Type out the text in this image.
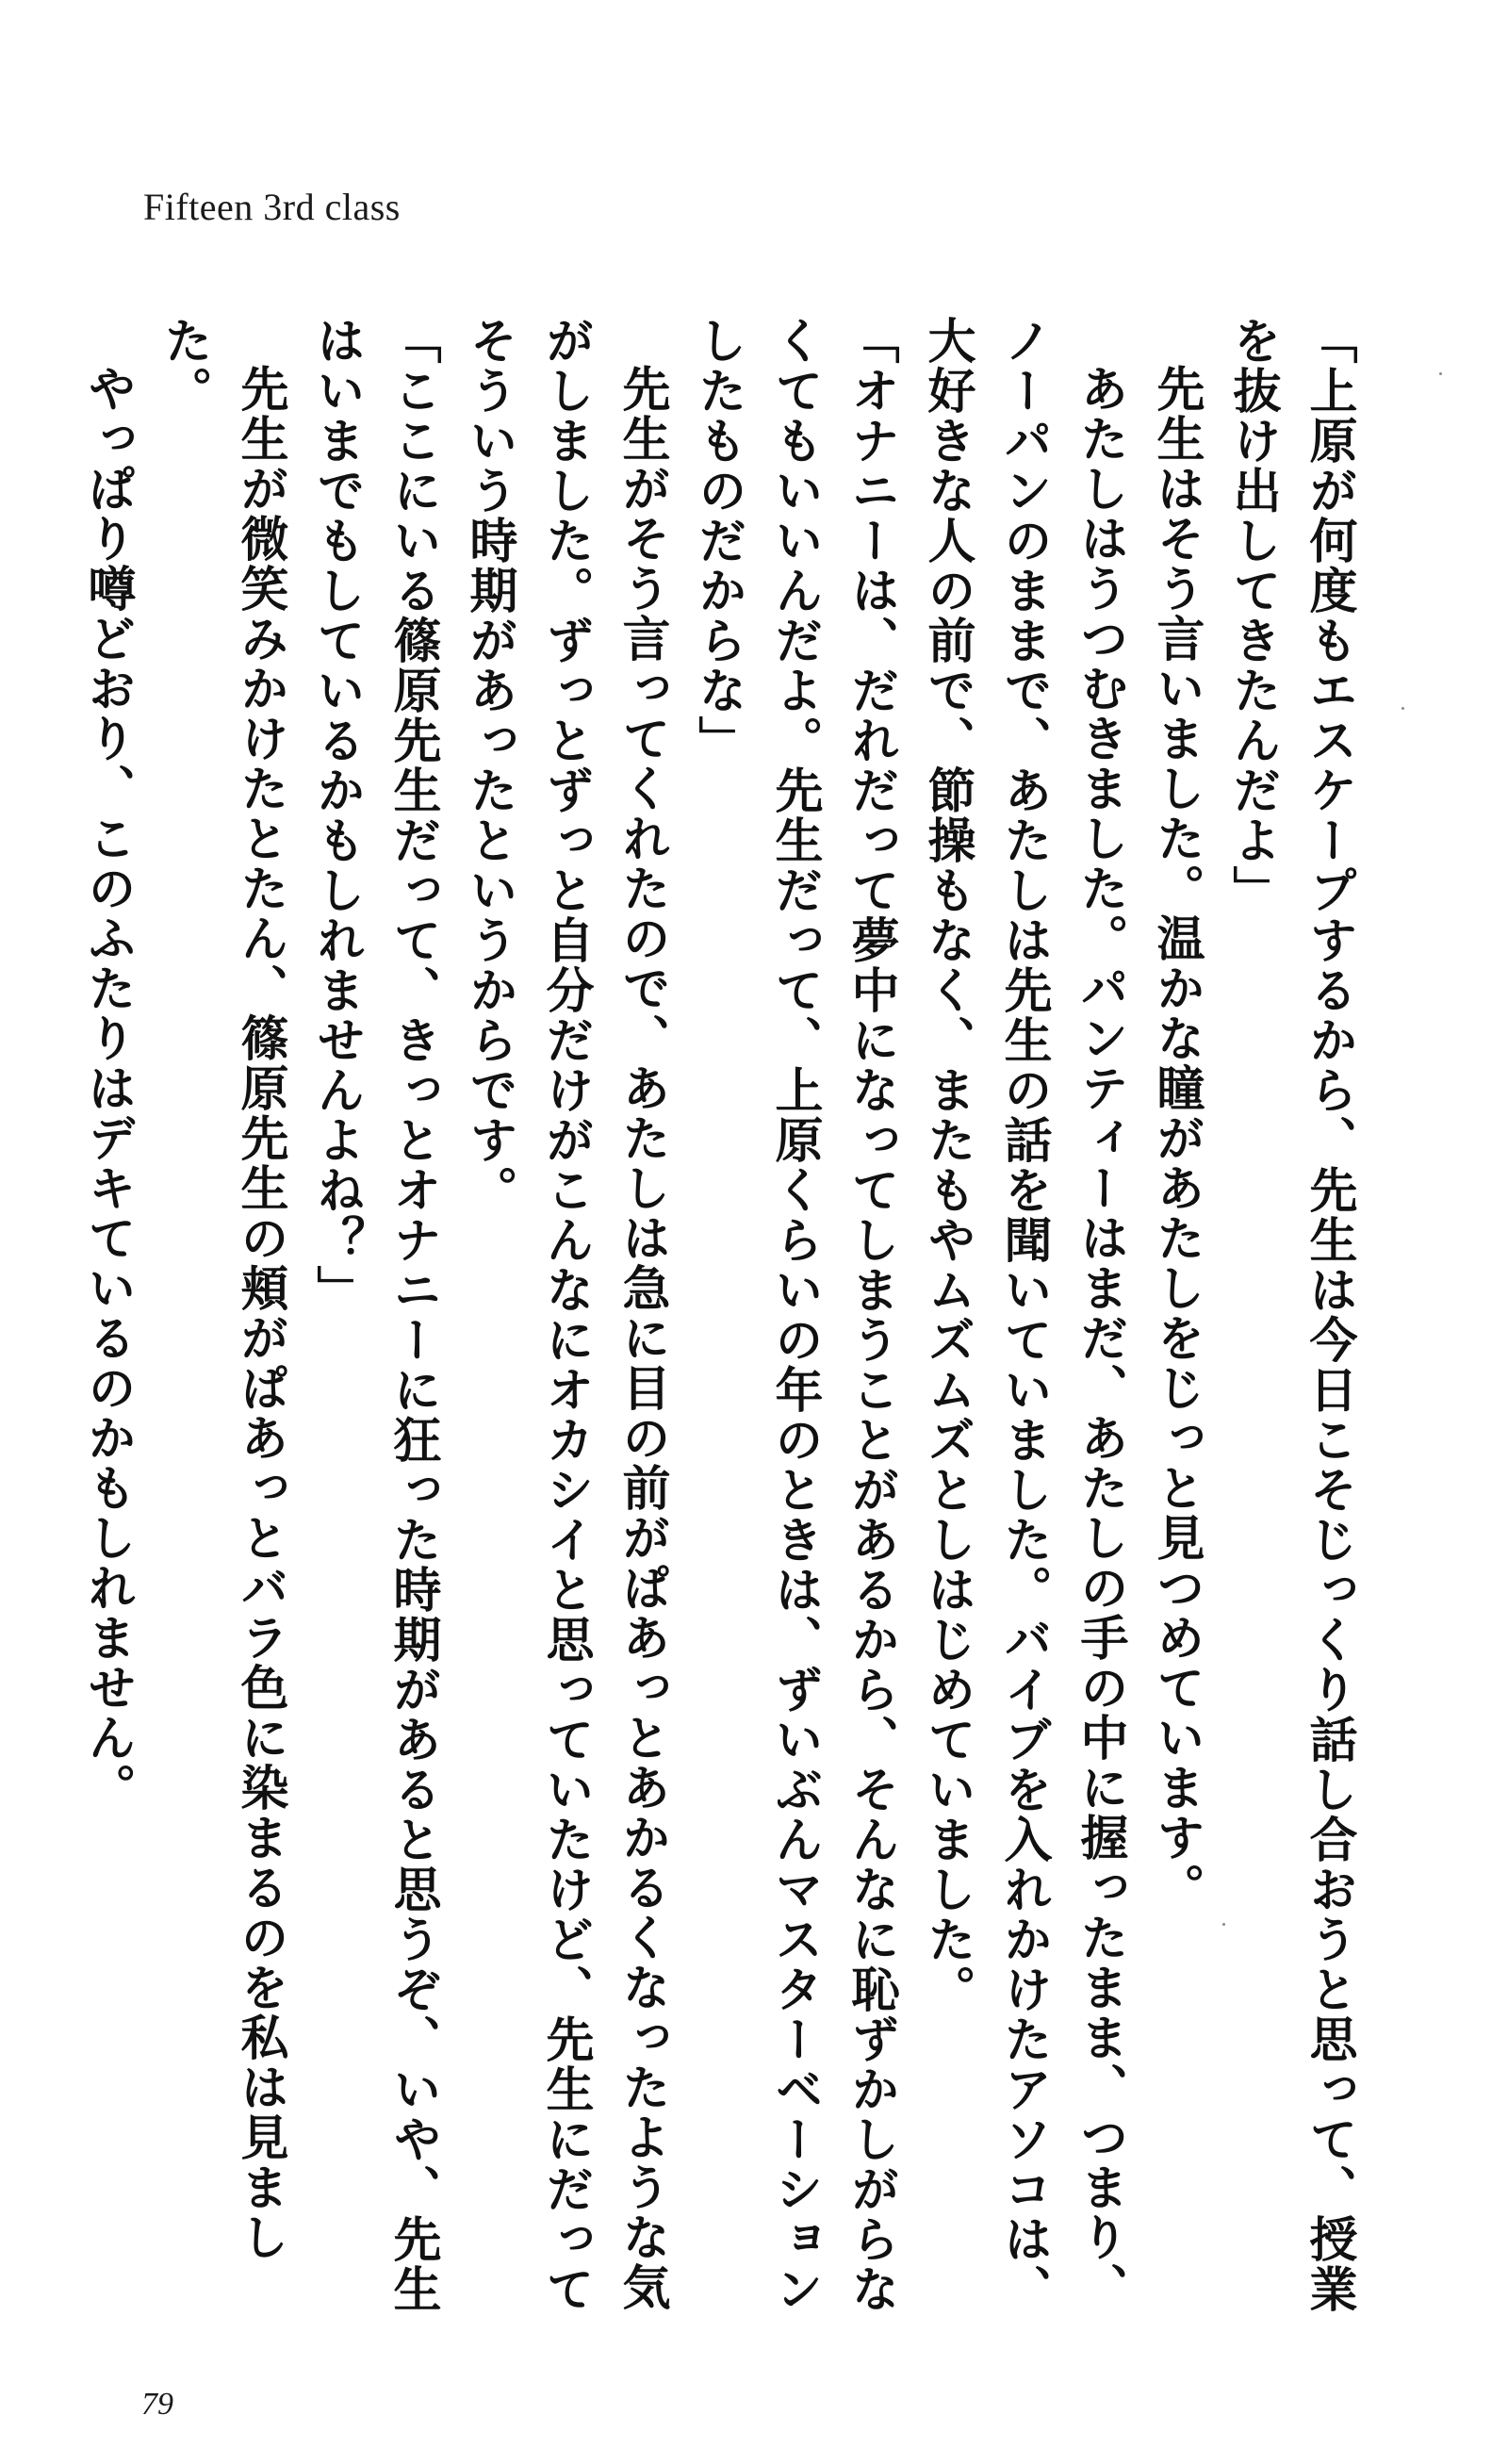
Fifteen 3rd class

「上原が何度もエスケープするから、先生は今日こそじっくり話し合おうと思って、授業を抜け出してきたんだよ」

先生はそう言いました。温かな瞳があたしをじっと見つめています。

あたしはうつむきました。パンティーはまだ、あたしの手の中に握ったまま、つまり、ノーパンのままで、あたしは先生の話を聞いていました。バイブを入れかけたアソコは、大好きな人の前で、節操もなく、またもやムズムズとしはじめていました。

「オナニーは、だれだって夢中になってしまうことがあるから、そんなに恥ずかしがらなくてもいいんだよ。先生だって、上原くらいの年のときは、ずいぶんマスターベーションしたものだからな」

先生がそう言ってくれたので、あたしは急に目の前がぱあっとあかるくなったような気がしました。ずっとずっと自分だけがこんなにオカシイと思っていたけど、先生にだってそういう時期があったというからです。

「ここにいる篠原先生だって、きっとオナニーに狂った時期があると思うぞ、いや、先生はいまでもしているかもしれませんよね？」

先生が微笑みかけたとたん、篠原先生の頬がぱあっとバラ色に染まるのを私は見ました。

やっぱり噂どおり、このふたりはデキているのかもしれません。

79
